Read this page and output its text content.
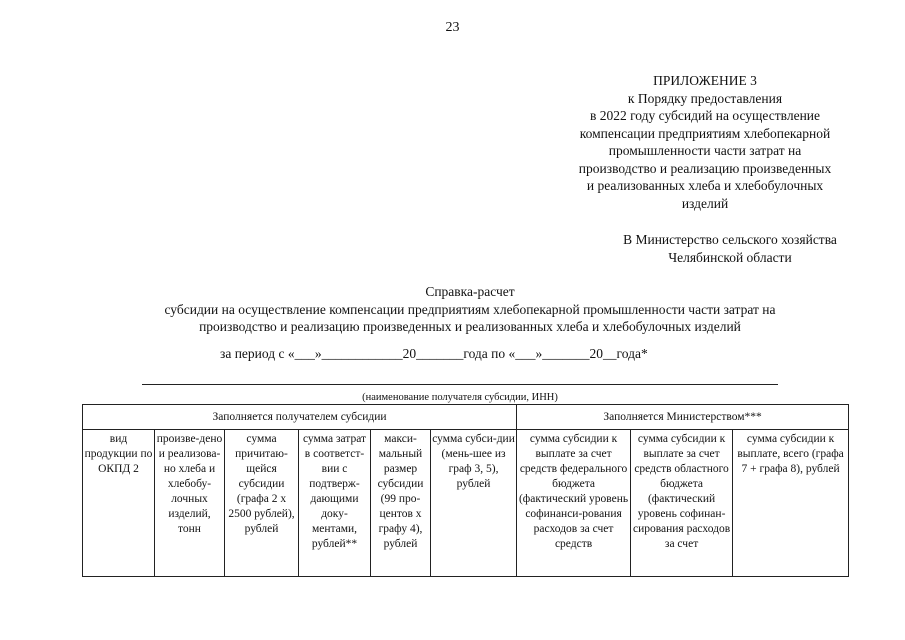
23
ПРИЛОЖЕНИЕ 3
к Порядку предоставления
в 2022 году субсидий на осуществление
компенсации предприятиям хлебопекарной
промышленности части затрат на
производство и реализацию произведенных
и реализованных хлеба и хлебобулочных
изделий
В Министерство сельского хозяйства
Челябинской области
Справка-расчет
субсидии на осуществление компенсации предприятиям хлебопекарной промышленности части затрат на
производство и реализацию произведенных и реализованных хлеба и хлебобулочных изделий
за период с «___»____________20_______года по «___»_______20__года*
(наименование получателя субсидии, ИНН)
Заполняется получателем субсидии						Заполняется Министерством***		
вид продукции по ОКПД 2	произве-дено и реализова-но хлеба и хлебобу-лочных изделий, тонн	сумма причитаю-щейся субсидии (графа 2 х 2500 рублей), рублей	сумма затрат в соответст-вии с подтверж-дающими доку-ментами, рублей**	макси-мальный размер субсидии (99 про-центов х графу 4), рублей	сумма субси-дии (мень-шее из граф 3, 5), рублей	сумма субсидии к выплате за счет средств федерального бюджета (фактический уровень софинанси-рования расходов за счет средств	сумма субсидии к выплате за счет средств областного бюджета (фактический уровень софинан-сирования расходов за счет	сумма субсидии к выплате, всего (графа 7 + графа 8), рублей
